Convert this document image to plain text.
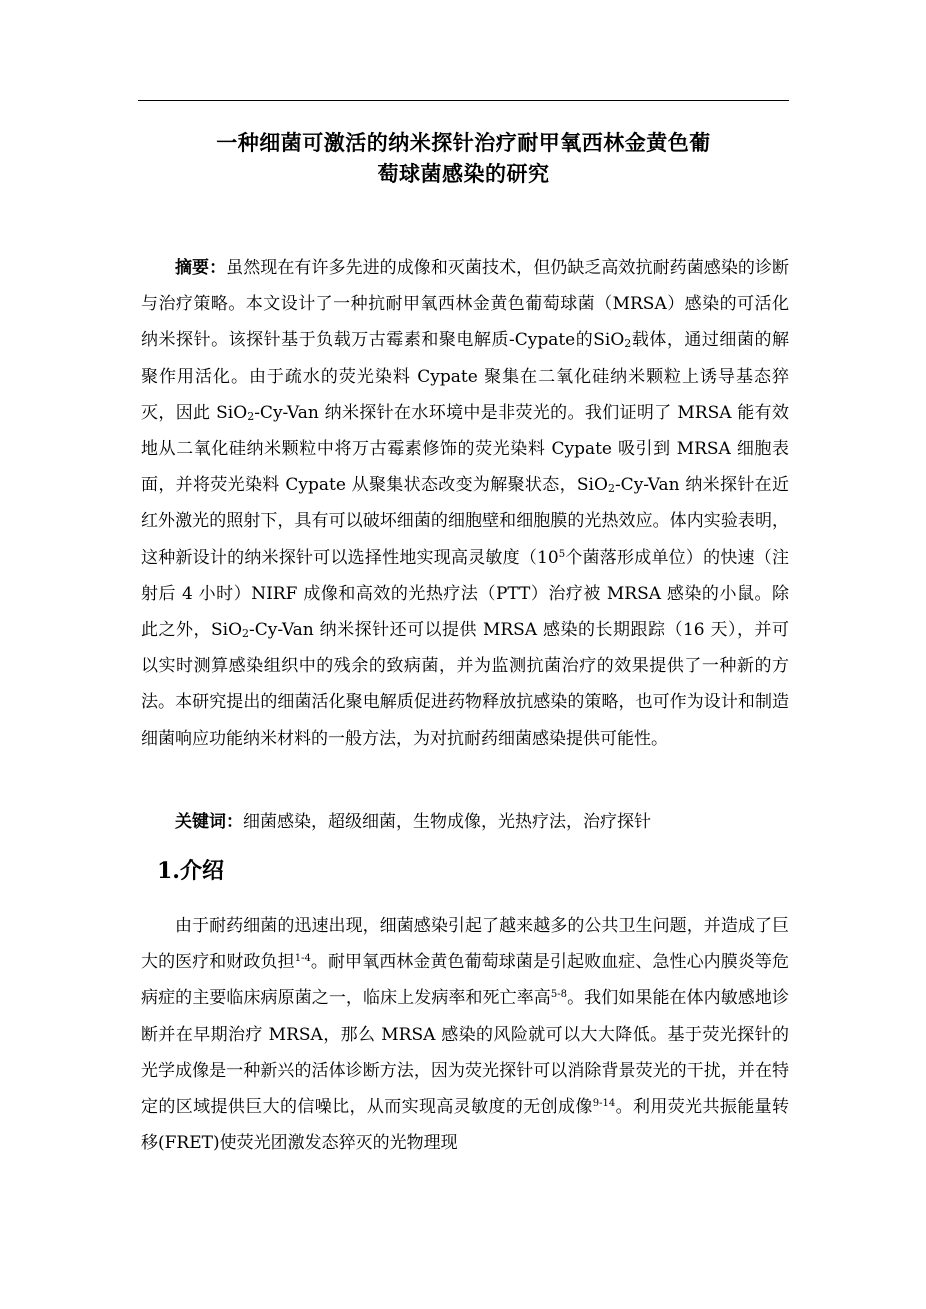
一种细菌可激活的纳米探针治疗耐甲氧西林金黄色葡
萄球菌感染的研究
摘要：虽然现在有许多先进的成像和灭菌技术，但仍缺乏高效抗耐药菌感染的诊断与治疗策略。本文设计了一种抗耐甲氧西林金黄色葡萄球菌（MRSA）感染的可活化纳米探针。该探针基于负载万古霉素和聚电解质-Cypate的SiO$_2$载体，通过细菌的解聚作用活化。由于疏水的荧光染料 Cypate 聚集在二氧化硅纳米颗粒上诱导基态猝灭，因此 SiO$_2$-Cy-Van 纳米探针在水环境中是非荧光的。我们证明了 MRSA 能有效地从二氧化硅纳米颗粒中将万古霉素修饰的荧光染料 Cypate 吸引到 MRSA 细胞表面，并将荧光染料 Cypate 从聚集状态改变为解聚状态，SiO$_2$-Cy-Van 纳米探针在近红外激光的照射下，具有可以破坏细菌的细胞壁和细胞膜的光热效应。体内实验表明，这种新设计的纳米探针可以选择性地实现高灵敏度（$10^5$个菌落形成单位）的快速（注射后 4 小时）NIRF 成像和高效的光热疗法（PTT）治疗被 MRSA 感染的小鼠。除此之外，SiO$_2$-Cy-Van 纳米探针还可以提供 MRSA 感染的长期跟踪（16 天），并可以实时测算感染组织中的残余的致病菌，并为监测抗菌治疗的效果提供了一种新的方法。本研究提出的细菌活化聚电解质促进药物释放抗感染的策略，也可作为设计和制造细菌响应功能纳米材料的一般方法，为对抗耐药细菌感染提供可能性。
关键词：细菌感染，超级细菌，生物成像，光热疗法，治疗探针
1.介绍
由于耐药细菌的迅速出现，细菌感染引起了越来越多的公共卫生问题，并造成了巨大的医疗和财政负担$^{1-4}$。耐甲氧西林金黄色葡萄球菌是引起败血症、急性心内膜炎等危病症的主要临床病原菌之一，临床上发病率和死亡率高$^{5-8}$。我们如果能在体内敏感地诊断并在早期治疗 MRSA，那么 MRSA 感染的风险就可以大大降低。基于荧光探针的光学成像是一种新兴的活体诊断方法，因为荧光探针可以消除背景荧光的干扰，并在特定的区域提供巨大的信噪比，从而实现高灵敏度的无创成像$^{9-14}$。利用荧光共振能量转移(FRET)使荧光团激发态猝灭的光物理现
